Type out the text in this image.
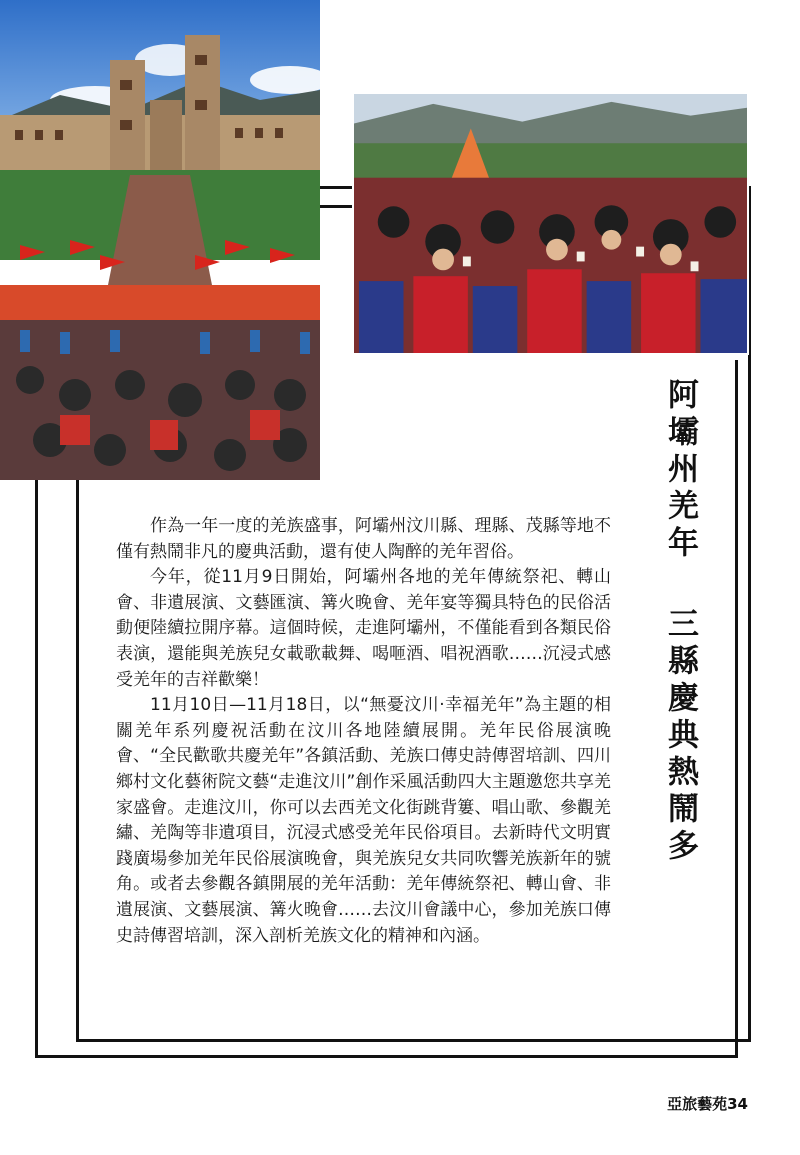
阿壩州羌年三縣慶典熱鬧多

作為一年一度的羌族盛事，阿壩州汶川縣、理縣、茂縣等地不僅有熱鬧非凡的慶典活動，還有使人陶醉的羌年習俗。

今年，從11月9日開始，阿壩州各地的羌年傳統祭祀、轉山會、非遺展演、文藝匯演、篝火晚會、羌年宴等獨具特色的民俗活動便陸續拉開序幕。這個時候，走進阿壩州，不僅能看到各類民俗表演，還能與羌族兒女載歌載舞、喝咂酒、唱祝酒歌……沉浸式感受羌年的吉祥歡樂！

11月10日—11月18日，以“無憂汶川·幸福羌年”為主題的相關羌年系列慶祝活動在汶川各地陸續展開。羌年民俗展演晚會、“全民歡歌共慶羌年”各鎮活動、羌族口傳史詩傳習培訓、四川鄉村文化藝術院文藝“走進汶川”創作采風活動四大主題邀您共享羌家盛會。走進汶川，你可以去西羌文化街跳背簍、唱山歌、參觀羌繡、羌陶等非遺項目，沉浸式感受羌年民俗項目。去新時代文明實踐廣場參加羌年民俗展演晚會，與羌族兒女共同吹響羌族新年的號角。或者去參觀各鎮開展的羌年活動：羌年傳統祭祀、轉山會、非遺展演、文藝展演、篝火晚會……去汶川會議中心，參加羌族口傳史詩傳習培訓，深入剖析羌族文化的精神和內涵。

亞旅藝苑34
